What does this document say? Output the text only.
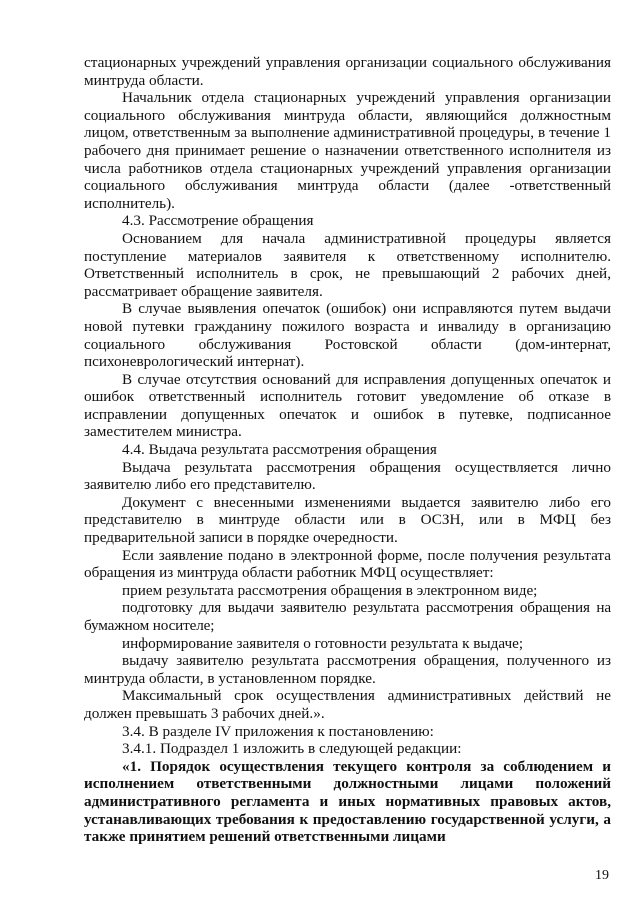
стационарных учреждений управления организации социального обслуживания минтруда области.

Начальник отдела стационарных учреждений управления организации социального обслуживания минтруда области, являющийся должностным лицом, ответственным за выполнение административной процедуры, в течение 1 рабочего дня принимает решение о назначении ответственного исполнителя из числа работников отдела стационарных учреждений управления организации социального обслуживания минтруда области (далее -ответственный исполнитель).

4.3. Рассмотрение обращения

Основанием для начала административной процедуры является поступление материалов заявителя к ответственному исполнителю. Ответственный исполнитель в срок, не превышающий 2 рабочих дней, рассматривает обращение заявителя.

В случае выявления опечаток (ошибок) они исправляются путем выдачи новой путевки гражданину пожилого возраста и инвалиду в организацию социального обслуживания Ростовской области (дом-интернат, психоневрологический интернат).

В случае отсутствия оснований для исправления допущенных опечаток и ошибок ответственный исполнитель готовит уведомление об отказе в исправлении допущенных опечаток и ошибок в путевке, подписанное заместителем министра.

4.4. Выдача результата рассмотрения обращения

Выдача результата рассмотрения обращения осуществляется лично заявителю либо его представителю.

Документ с внесенными изменениями выдается заявителю либо его представителю в минтруде области или в ОСЗН, или в МФЦ без предварительной записи в порядке очередности.

Если заявление подано в электронной форме, после получения результата обращения из минтруда области работник МФЦ осуществляет:

прием результата рассмотрения обращения в электронном виде;

подготовку для выдачи заявителю результата рассмотрения обращения на бумажном носителе;

информирование заявителя о готовности результата к выдаче;

выдачу заявителю результата рассмотрения обращения, полученного из минтруда области, в установленном порядке.

Максимальный срок осуществления административных действий не должен превышать 3 рабочих дней.».

3.4. В разделе IV приложения к постановлению:

3.4.1. Подраздел 1 изложить в следующей редакции:

«1. Порядок осуществления текущего контроля за соблюдением и исполнением ответственными должностными лицами положений административного регламента и иных нормативных правовых актов, устанавливающих требования к предоставлению государственной услуги, а также принятием решений ответственными лицами

19
